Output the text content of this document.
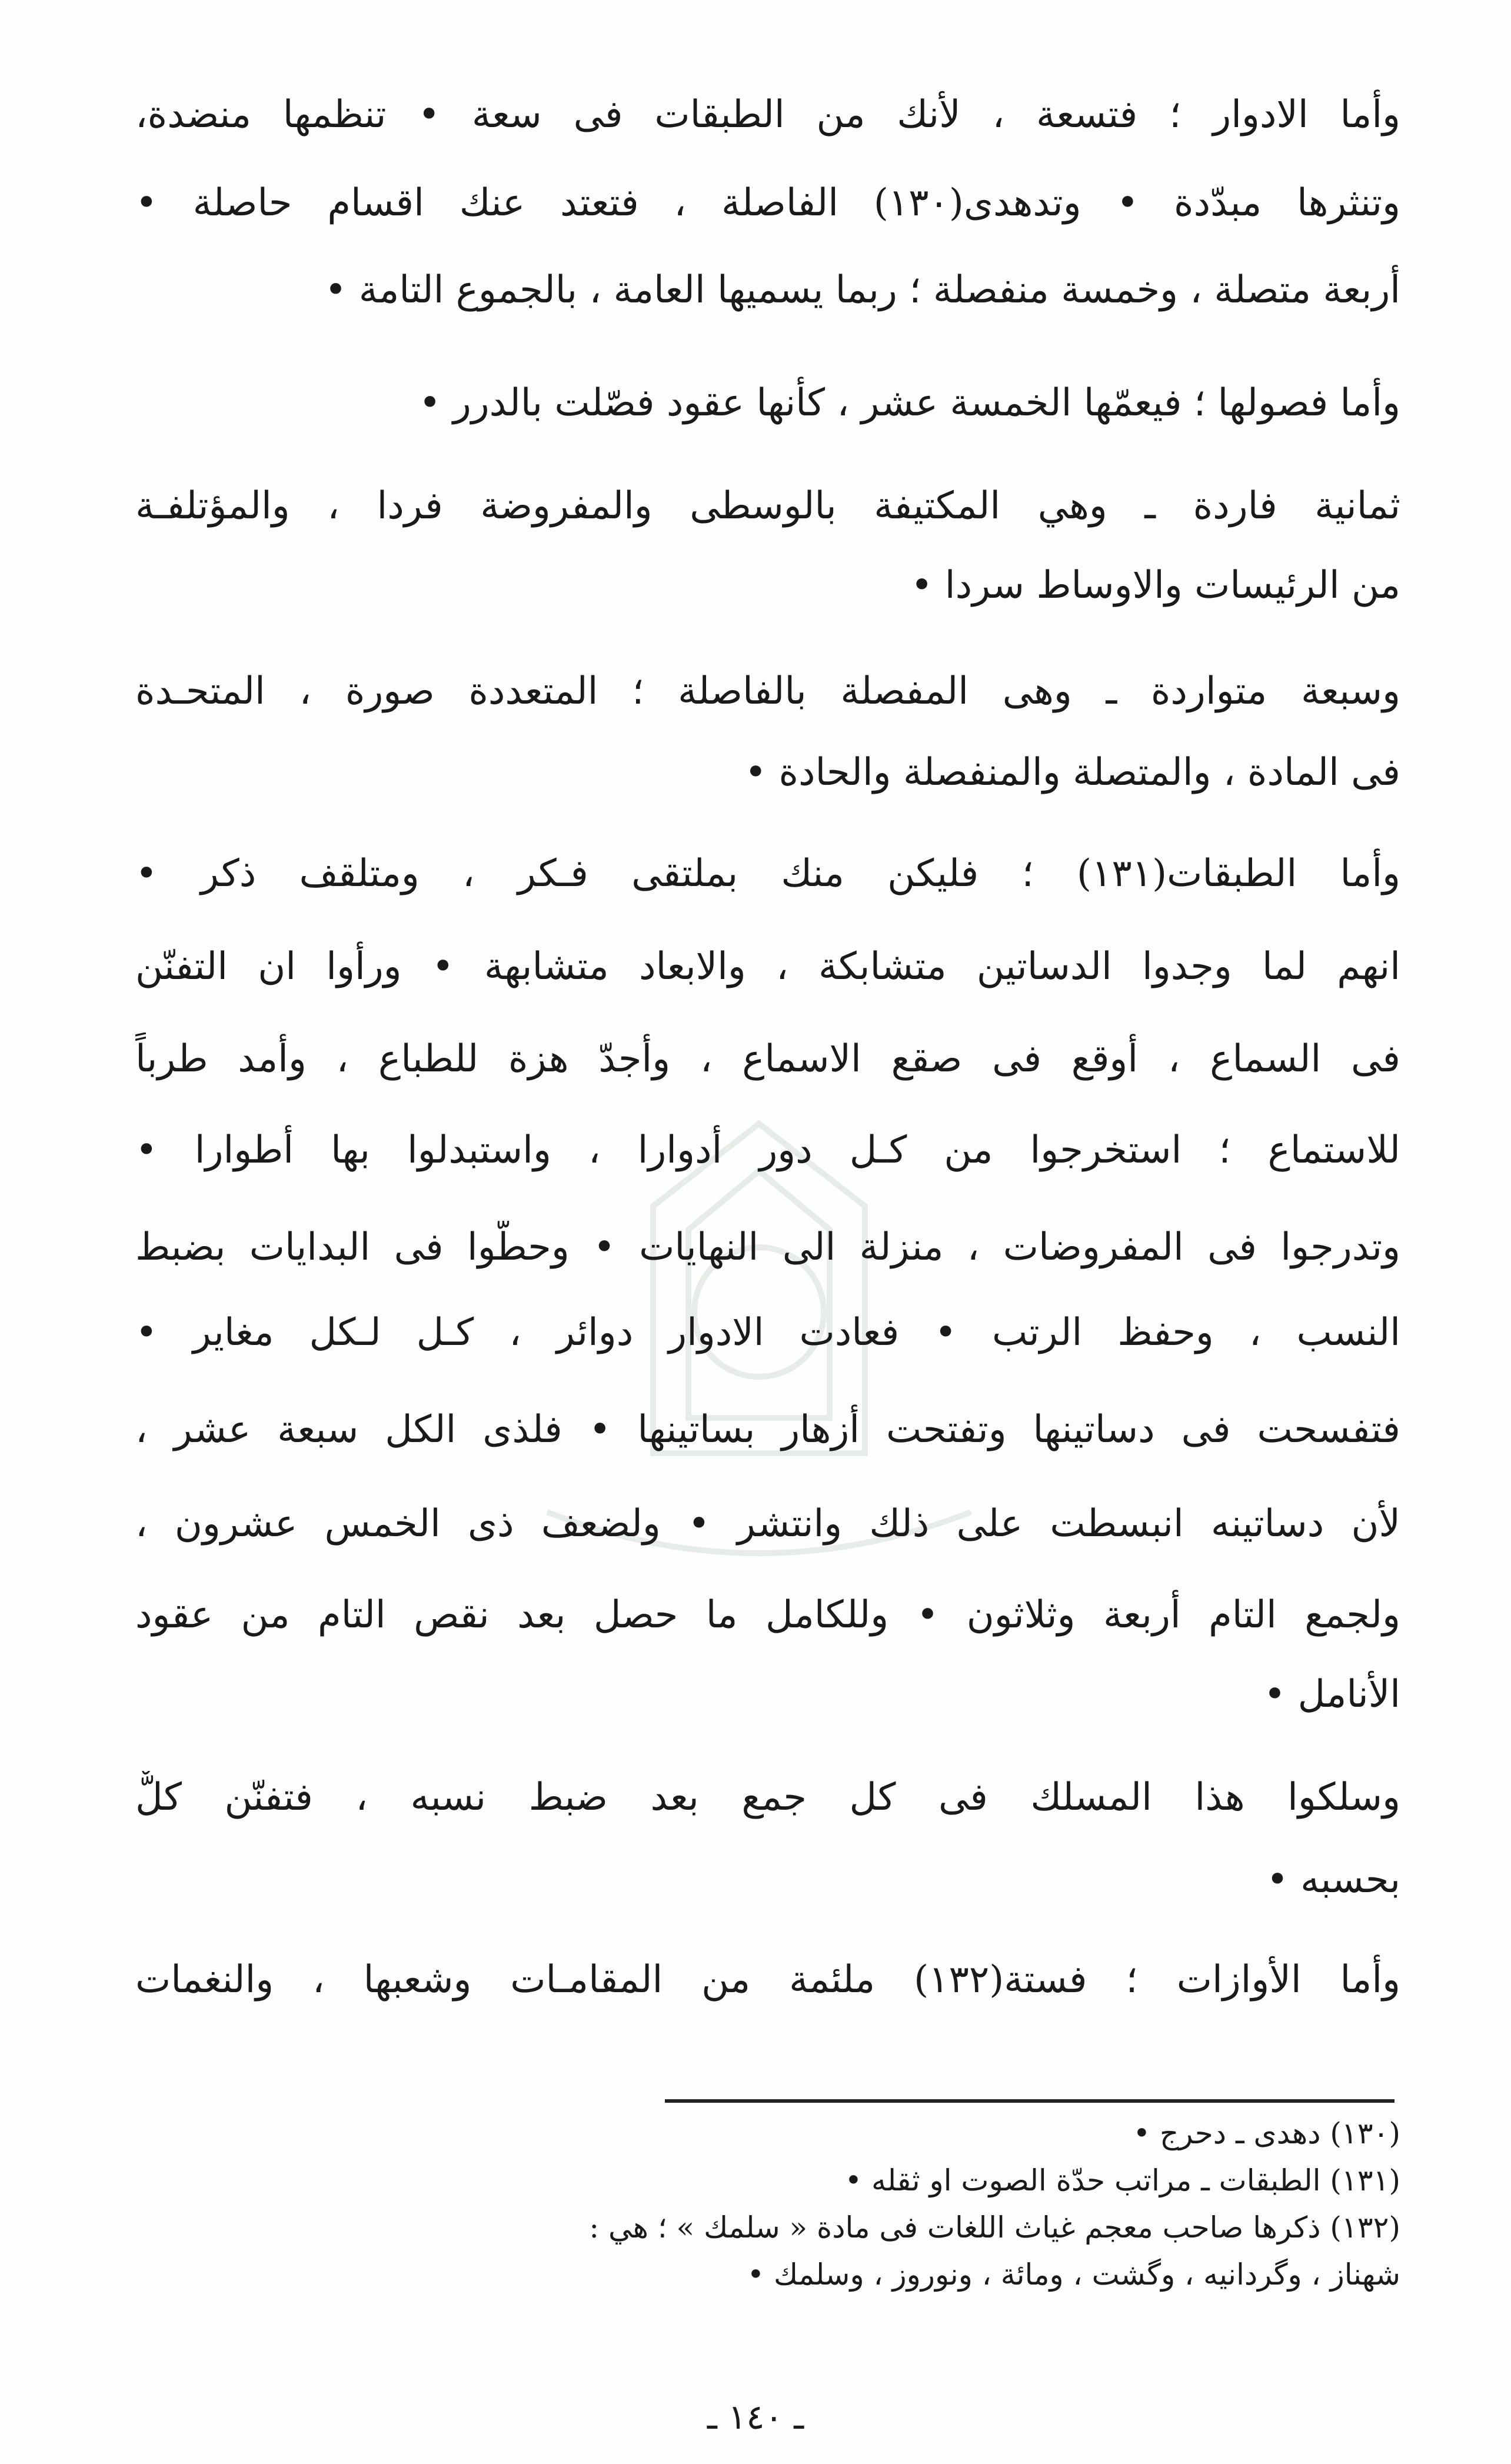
وأما الادوار ؛ فتسعة ، لأنك من الطبقات فى سعة • تنظمها منضدة،
وتنثرها مبدّدة • وتدهدى(١٣٠) الفاصلة ، فتعتد عنك اقسام حاصلة •
أربعة متصلة ، وخمسة منفصلة ؛ ربما يسميها العامة ، بالجموع التامة •
وأما فصولها ؛ فيعمّها الخمسة عشر ، كأنها عقود فصّلت بالدرر •
ثمانية فاردة ـ وهي المكتيفة بالوسطى والمفروضة فردا ، والمؤتلفـة
من الرئيسات والاوساط سردا •
وسبعة متواردة ـ وهى المفصلة بالفاصلة ؛ المتعددة صورة ، المتحـدة
فى المادة ، والمتصلة والمنفصلة والحادة •
وأما الطبقات(١٣١) ؛ فليكن منك بملتقى فـكر ، ومتلقف ذكر •
انهم لما وجدوا الدساتين متشابكة ، والابعاد متشابهة • ورأوا ان التفنّن
فى السماع ، أوقع فى صقع الاسماع ، وأجدّ هزة للطباع ، وأمد طرباً
للاستماع ؛ استخرجوا من كـل دور أدوارا ، واستبدلوا بها أطوارا •
وتدرجوا فى المفروضات ، منزلة الى النهايات • وحطّوا فى البدايات بضبط
النسب ، وحفظ الرتب • فعادت الادوار دوائر ، كـل لـكل مغاير •
فتفسحت فى دساتينها وتفتحت أزهار بساتينها • فلذى الكل سبعة عشر ،
لأن دساتينه انبسطت على ذلك وانتشر • ولضعف ذى الخمس عشرون ،
ولجمع التام أربعة وثلاثون • وللكامل ما حصل بعد نقص التام من عقود
الأنامل •
وسلكوا هذا المسلك فى كل جمع بعد ضبط نسبه ، فتفنّن كلٌّ
بحسبه •
وأما الأوازات ؛ فستة(١٣٢) ملئمة من المقامـات وشعبها ، والنغمات
(١٣٠) دهدى ـ دحرج •
(١٣١) الطبقات ـ مراتب حدّة الصوت او ثقله •
(١٣٢) ذكرها صاحب معجم غياث اللغات فى مادة « سلمك » ؛ هي :
شهناز ، وگردانيه ، وگشت ، ومائة ، ونوروز ، وسلمك •
ـ ١٤٠ ـ
